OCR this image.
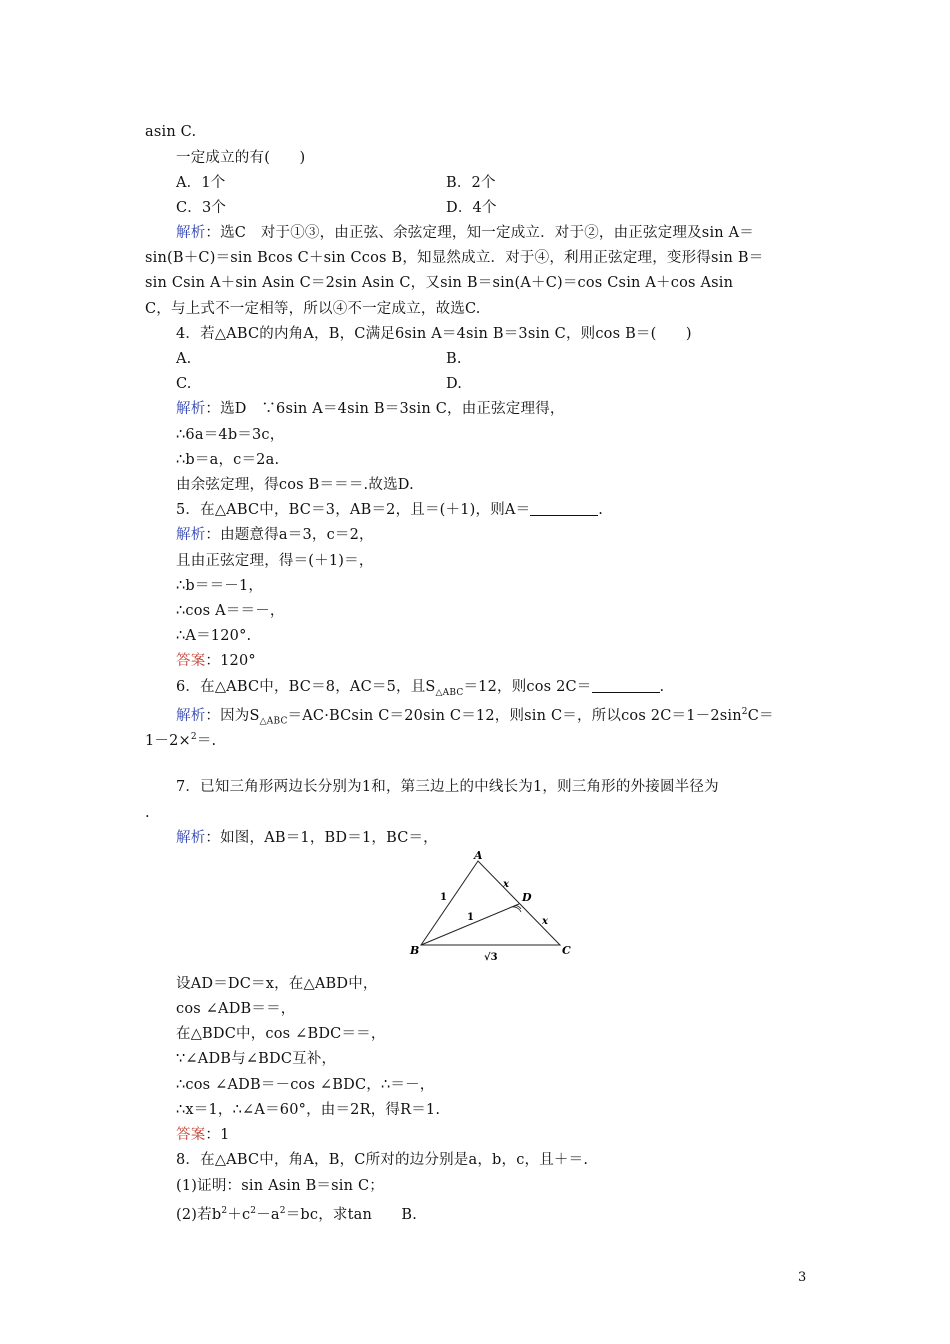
asin C.
一定成立的有(　　)
A．1个	B．2个
C．3个	D．4个
解析：选C　对于①③，由正弦、余弦定理，知一定成立．对于②，由正弦定理及sin A＝
sin(B＋C)＝sin Bcos C＋sin Ccos B，知显然成立．对于④，利用正弦定理，变形得sin B＝
sin Csin A＋sin Asin C＝2sin Asin C，又sin B＝sin(A＋C)＝cos Csin A＋cos Asin
C，与上式不一定相等，所以④不一定成立，故选C.
4．若△ABC的内角A，B，C满足6sin A＝4sin B＝3sin C，则cos B＝(　　)
A.	B.
C.	D.
解析：选D　∵6sin A＝4sin B＝3sin C，由正弦定理得，
∴6a＝4b＝3c，
∴b＝a，c＝2a.
由余弦定理，得cos B＝＝＝.故选D.
5．在△ABC中，BC＝3，AB＝2，且＝(＋1)，则A＝	.
解析：由题意得a＝3，c＝2，
且由正弦定理，得＝(＋1)＝，
∴b＝＝－1，
∴cos A＝＝－，
∴A＝120°.
答案：120°
6．在△ABC中，BC＝8，AC＝5，且$S_{\triangle ABC}=12$，则cos 2C＝	.
解析：因为$S_{\triangle ABC}=AC\cdot BCsin$ C＝20sin C＝12，则sin C＝，所以$\cos 2C=1-2\sin^2C=$
1－2×$^2$＝.
7．已知三角形两边长分别为1和，第三边上的中线长为1，则三角形的外接圆半径为
.
解析：如图，AB＝1，BD＝1，BC＝，
A
B	C
D
1
1
√3
x
x
设AD＝DC＝x，在△ABD中，
cos ∠ADB＝＝，
在△BDC中，cos ∠BDC＝＝，
∵∠ADB与∠BDC互补，
∴cos ∠ADB＝－cos ∠BDC，∴＝－，
∴x＝1，∴∠A＝60°，由＝2R，得R＝1.
答案：1
8．在△ABC中，角A，B，C所对的边分别是a，b，c，且＋＝.
(1)证明：sin Asin B＝sin C；
(2)若$b^2+c^2-a^2=bc$，求tan　　B.
3
